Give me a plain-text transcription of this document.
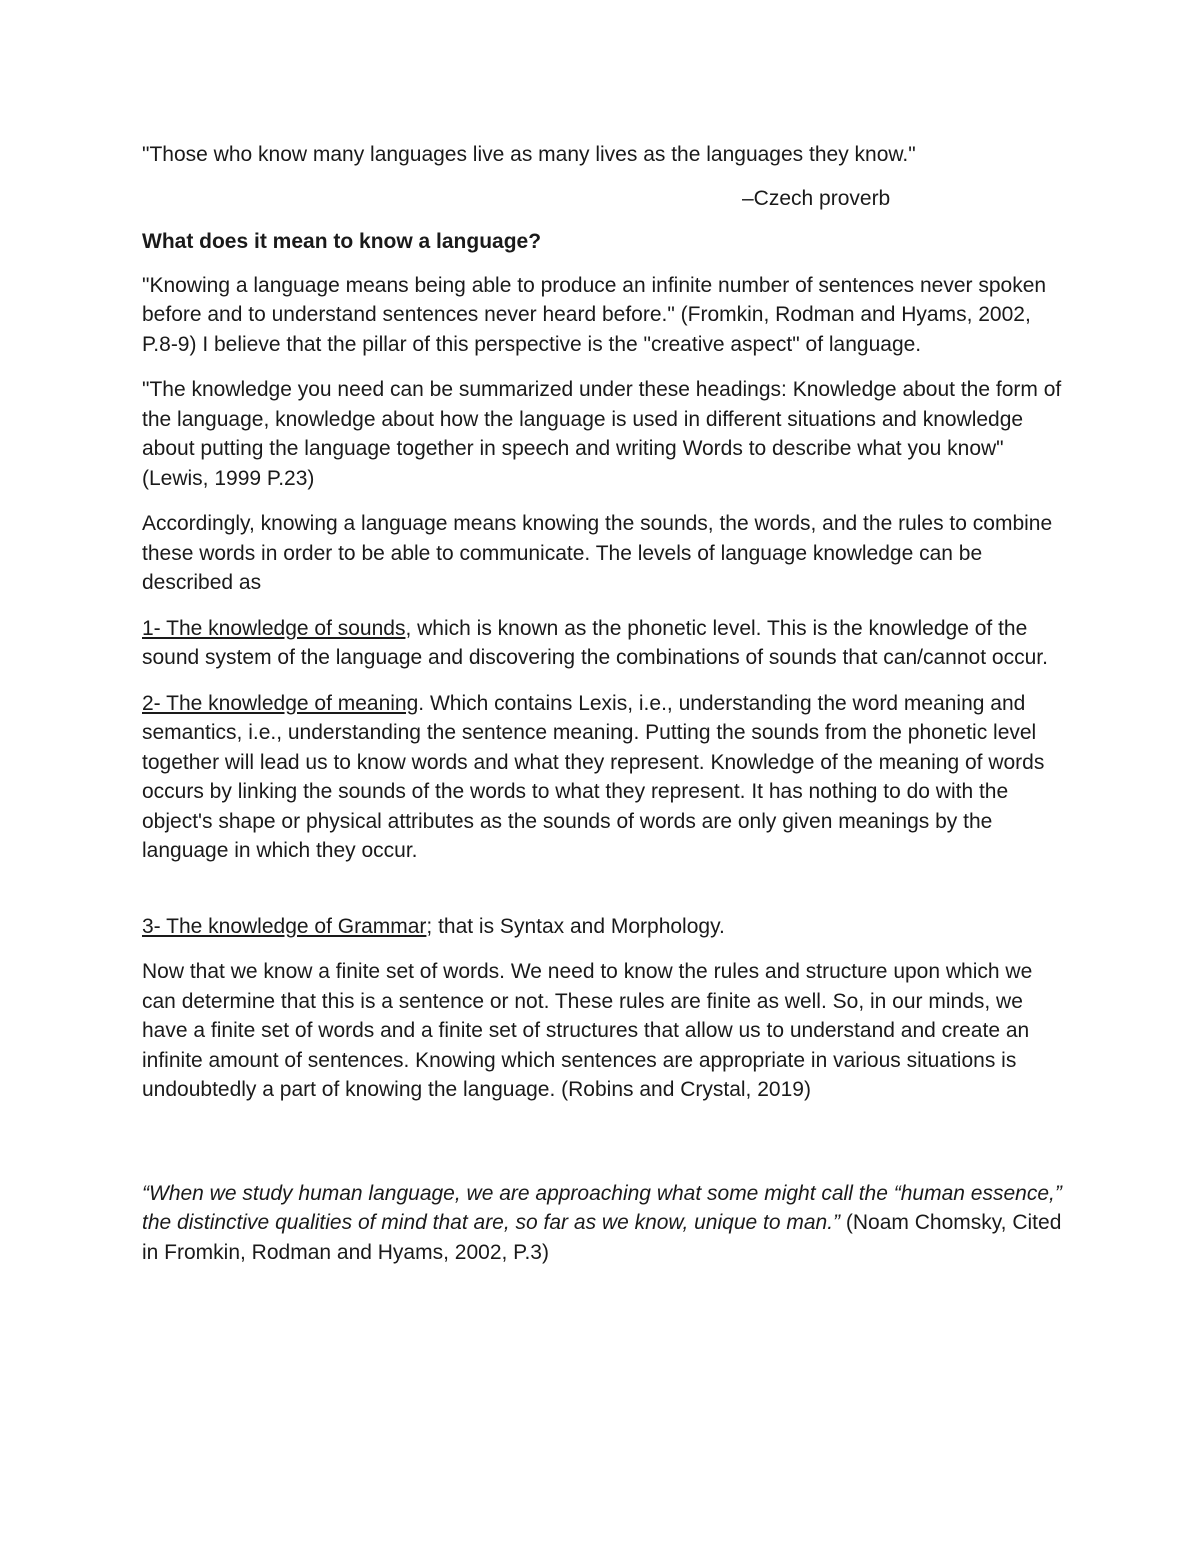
"Those who know many languages live as many lives as the languages they know."

–Czech proverb

What does it mean to know a language?

"Knowing a language means being able to produce an infinite number of sentences never spoken before and to understand sentences never heard before." (Fromkin, Rodman and Hyams, 2002, P.8-9) I believe that the pillar of this perspective is the "creative aspect" of language.

"The knowledge you need can be summarized under these headings: Knowledge about the form of the language, knowledge about how the language is used in different situations and knowledge about putting the language together in speech and writing Words to describe what you know" (Lewis, 1999 P.23)

Accordingly, knowing a language means knowing the sounds, the words, and the rules to combine these words in order to be able to communicate. The levels of language knowledge can be described as

1- The knowledge of sounds, which is known as the phonetic level. This is the knowledge of the sound system of the language and discovering the combinations of sounds that can/cannot occur.

2- The knowledge of meaning. Which contains Lexis, i.e., understanding the word meaning and semantics, i.e., understanding the sentence meaning. Putting the sounds from the phonetic level together will lead us to know words and what they represent. Knowledge of the meaning of words occurs by linking the sounds of the words to what they represent. It has nothing to do with the object's shape or physical attributes as the sounds of words are only given meanings by the language in which they occur.

3- The knowledge of Grammar; that is Syntax and Morphology.

Now that we know a finite set of words. We need to know the rules and structure upon which we can determine that this is a sentence or not. These rules are finite as well. So, in our minds, we have a finite set of words and a finite set of structures that allow us to understand and create an infinite amount of sentences. Knowing which sentences are appropriate in various situations is undoubtedly a part of knowing the language. (Robins and Crystal, 2019)

“When we study human language, we are approaching what some might call the “human essence,” the distinctive qualities of mind that are, so far as we know, unique to man.” (Noam Chomsky, Cited in Fromkin, Rodman and Hyams, 2002, P.3)
